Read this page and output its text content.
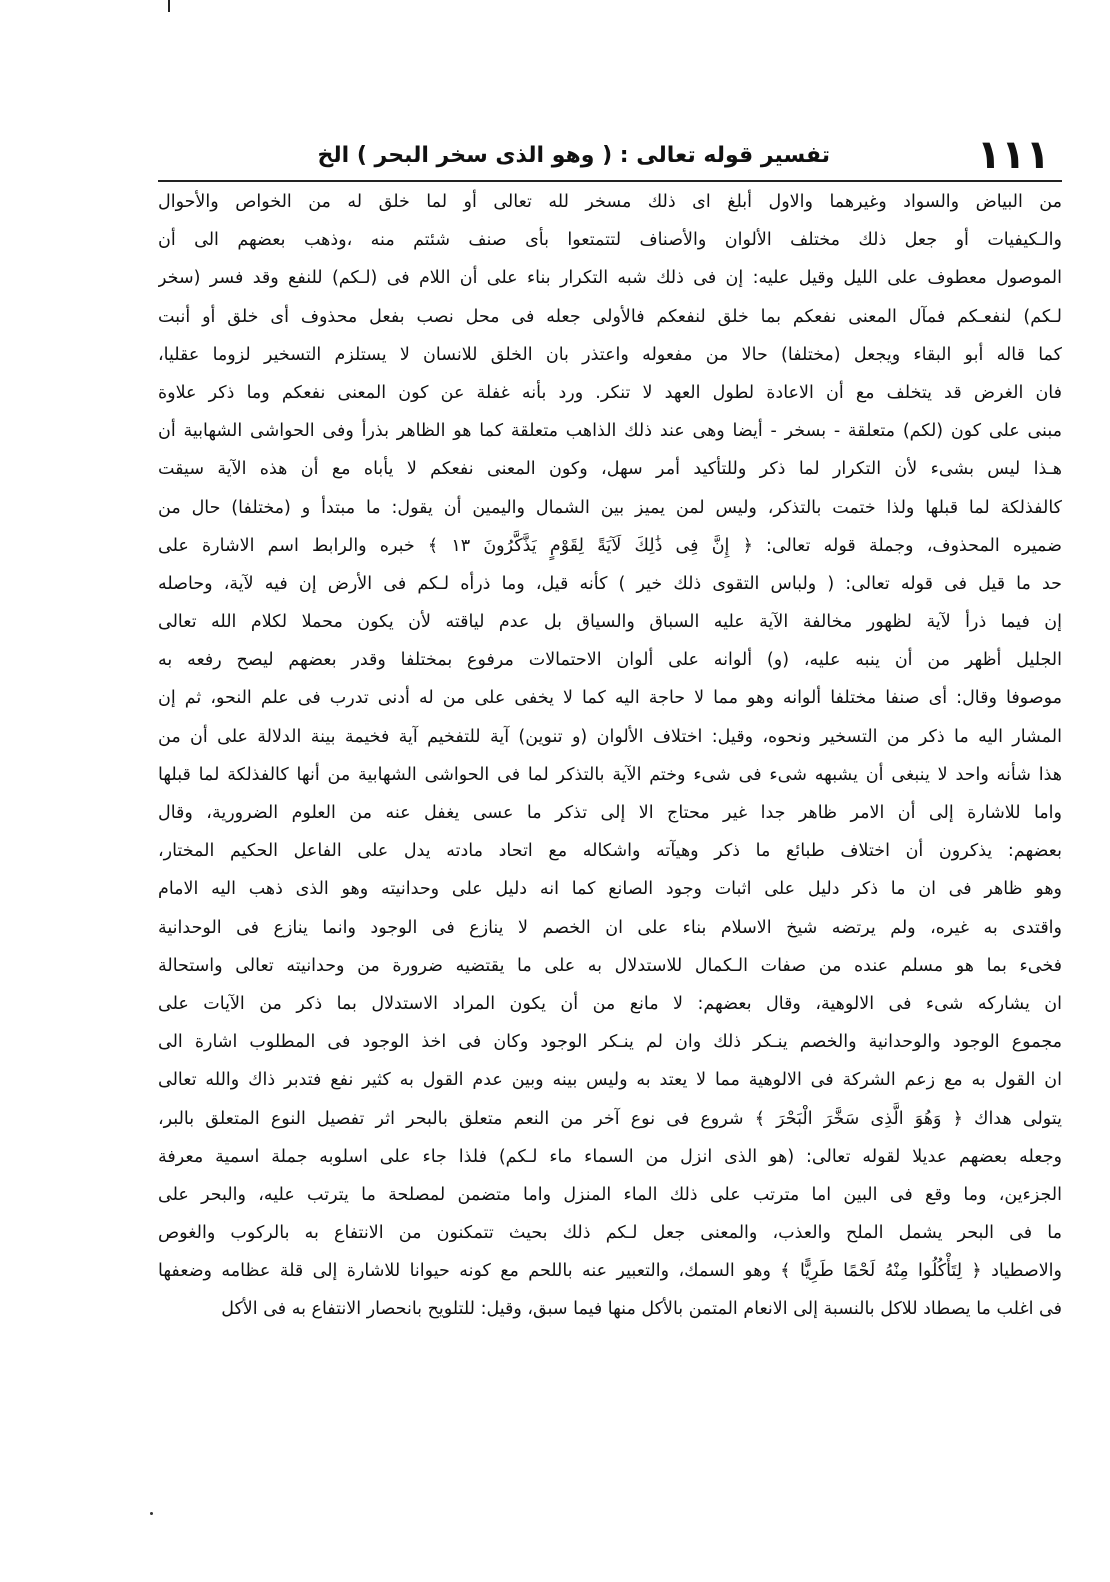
١١١
تفسير قوله تعالى : ( وهو الذى سخر البحر ) الخ
من البياض والسواد وغيرهما والاول أبلغ اى ذلك مسخر لله تعالى أو لما خلق له من الخواص والأحوال
والـكيفيات أو جعل ذلك مختلف الألوان والأصناف لتتمتعوا بأى صنف شئتم منه ،وذهب بعضهم الى أن
الموصول معطوف على الليل وقيل عليه: إن فى ذلك شبه التكرار بناء على أن اللام فى (لـكم) للنفع وقد فسر (سخر
لـكم) لنفعـكم فمآل المعنى نفعكم بما خلق لنفعكم فالأولى جعله فى محل نصب بفعل محذوف أى خلق أو أنبت
كما قاله أبو البقاء ويجعل (مختلفا) حالا من مفعوله واعتذر بان الخلق للانسان لا يستلزم التسخير لزوما عقليا،
فان الغرض قد يتخلف مع أن الاعادة لطول العهد لا تنكر. ورد بأنه غفلة عن كون المعنى نفعكم وما ذكر علاوة
مبنى على كون (لكم) متعلقة - بسخر - أيضا وهى عند ذلك الذاهب متعلقة كما هو الظاهر بذرأ وفى الحواشى الشهابية أن
هـذا ليس بشىء لأن التكرار لما ذكر وللتأكيد أمر سهل، وكون المعنى نفعكم لا يأباه مع أن هذه الآية سيقت
كالفذلكة لما قبلها ولذا ختمت بالتذكر، وليس لمن يميز بين الشمال واليمين أن يقول: ما مبتدأ و (مختلفا) حال من
ضميره المحذوف، وجملة قوله تعالى: ﴿ إِنَّ فِى ذَٰلِكَ لَآيَةً لِقَوْمٍ يَذَّكَّرُونَ ١٣ ﴾ خبره والرابط اسم الاشارة على
حد ما قيل فى قوله تعالى: ( ولباس التقوى ذلك خير ) كأنه قيل، وما ذرأه لـكم فى الأرض إن فيه لآية، وحاصله
إن فيما ذرأ لآية لظهور مخالفة الآية عليه السباق والسياق بل عدم لياقته لأن يكون محملا لكلام الله تعالى
الجليل أظهر من أن ينبه عليه، (و) ألوانه على ألوان الاحتمالات مرفوع بمختلفا وقدر بعضهم ليصح رفعه به
موصوفا وقال: أى صنفا مختلفا ألوانه وهو مما لا حاجة اليه كما لا يخفى على من له أدنى تدرب فى علم النحو، ثم إن
المشار اليه ما ذكر من التسخير ونحوه، وقيل: اختلاف الألوان (و تنوين) آية للتفخيم آية فخيمة بينة الدلالة على أن من
هذا شأنه واحد لا ينبغى أن يشبهه شىء فى شىء وختم الآية بالتذكر لما فى الحواشى الشهابية من أنها كالفذلكة لما قبلها
واما للاشارة إلى أن الامر ظاهر جدا غير محتاج الا إلى تذكر ما عسى يغفل عنه من العلوم الضرورية، وقال
بعضهم: يذكرون أن اختلاف طبائع ما ذكر وهيآته واشكاله مع اتحاد مادته يدل على الفاعل الحكيم المختار،
وهو ظاهر فى ان ما ذكر دليل على اثبات وجود الصانع كما انه دليل على وحدانيته وهو الذى ذهب اليه الامام
واقتدى به غيره، ولم يرتضه شيخ الاسلام بناء على ان الخصم لا ينازع فى الوجود وانما ينازع فى الوحدانية
فخىء بما هو مسلم عنده من صفات الـكمال للاستدلال به على ما يقتضيه ضرورة من وحدانيته تعالى واستحالة
ان يشاركه شىء فى الالوهية، وقال بعضهم: لا مانع من أن يكون المراد الاستدلال بما ذكر من الآيات على
مجموع الوجود والوحدانية والخصم ينـكر ذلك وان لم ينـكر الوجود وكان فى اخذ الوجود فى المطلوب اشارة الى
ان القول به مع زعم الشركة فى الالوهية مما لا يعتد به وليس بينه وبين عدم القول به كثير نفع فتدبر ذاك والله تعالى
يتولى هداك ﴿ وَهُوَ الَّذِى سَخَّرَ الْبَحْرَ ﴾ شروع فى نوع آخر من النعم متعلق بالبحر اثر تفصيل النوع المتعلق بالبر،
وجعله بعضهم عديلا لقوله تعالى: (هو الذى انزل من السماء ماء لـكم) فلذا جاء على اسلوبه جملة اسمية معرفة
الجزءين، وما وقع فى البين اما مترتب على ذلك الماء المنزل واما متضمن لمصلحة ما يترتب عليه، والبحر على
ما فى البحر يشمل الملح والعذب، والمعنى جعل لـكم ذلك بحيث تتمكنون من الانتفاع به بالركوب والغوص
والاصطياد ﴿ لِتَأْكُلُوا مِنْهُ لَحْمًا طَرِيًّا ﴾ وهو السمك، والتعبير عنه باللحم مع كونه حيوانا للاشارة إلى قلة عظامه وضعفها
فى اغلب ما يصطاد للاكل بالنسبة إلى الانعام المتمن بالأكل منها فيما سبق، وقيل: للتلويح بانحصار الانتفاع به فى الأكل
